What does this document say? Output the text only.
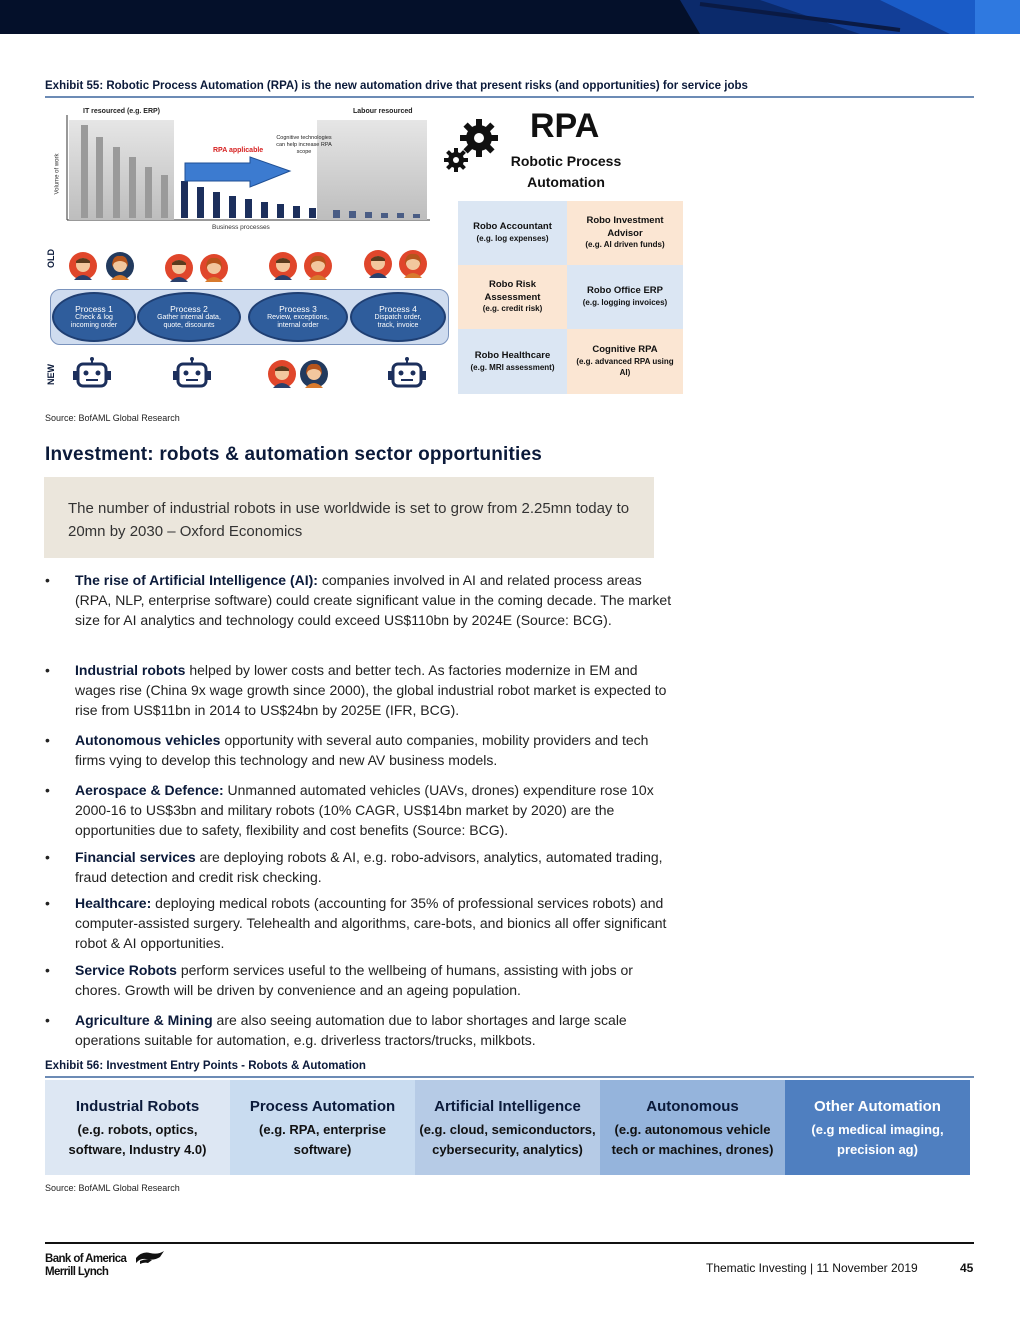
Exhibit 55: Robotic Process Automation (RPA) is the new automation drive that present risks (and opportunities) for service jobs
IT resourced (e.g. ERP)	Labour resourced
RPA applicable
Cognitive technologies can help increase RPA scope
Volume of work
Business processes
OLD
Process 1
Check & log incoming order
Process 2
Gather internal data, quote, discounts
Process 3
Review, exceptions, internal order
Process 4
Dispatch order, track, invoice
NEW
RPA
Robotic Process
Automation
Robo Accountant
(e.g. log expenses)
Robo Investment Advisor
(e.g. AI driven funds)
Robo Risk Assessment
(e.g. credit risk)
Robo Office ERP
(e.g. logging invoices)
Robo Healthcare
(e.g. MRI assessment)
Cognitive RPA
(e.g. advanced RPA using AI)
Source: BofAML Global Research
Investment: robots & automation sector opportunities
The number of industrial robots in use worldwide is set to grow from 2.25mn today to 20mn by 2030 – Oxford Economics
• The rise of Artificial Intelligence (AI): companies involved in AI and related process areas (RPA, NLP, enterprise software) could create significant value in the coming decade. The market size for AI analytics and technology could exceed US$110bn by 2024E (Source: BCG).
• Industrial robots helped by lower costs and better tech. As factories modernize in EM and wages rise (China 9x wage growth since 2000), the global industrial robot market is expected to rise from US$11bn in 2014 to US$24bn by 2025E (IFR, BCG).
• Autonomous vehicles opportunity with several auto companies, mobility providers and tech firms vying to develop this technology and new AV business models.
• Aerospace & Defence: Unmanned automated vehicles (UAVs, drones) expenditure rose 10x 2000-16 to US$3bn and military robots (10% CAGR, US$14bn market by 2020) are the opportunities due to safety, flexibility and cost benefits (Source: BCG).
• Financial services are deploying robots & AI, e.g. robo-advisors, analytics, automated trading, fraud detection and credit risk checking.
• Healthcare: deploying medical robots (accounting for 35% of professional services robots) and computer-assisted surgery. Telehealth and algorithms, care-bots, and bionics all offer significant robot & AI opportunities.
• Service Robots perform services useful to the wellbeing of humans, assisting with jobs or chores. Growth will be driven by convenience and an ageing population.
• Agriculture & Mining are also seeing automation due to labor shortages and large scale operations suitable for automation, e.g. driverless tractors/trucks, milkbots.
Exhibit 56: Investment Entry Points - Robots & Automation
Industrial Robots
(e.g. robots, optics,
software, Industry 4.0)
Process Automation
(e.g. RPA, enterprise
software)
Artificial Intelligence
(e.g. cloud, semiconductors,
cybersecurity, analytics)
Autonomous
(e.g. autonomous vehicle
tech or machines, drones)
Other Automation
(e.g medical imaging,
precision ag)
Source: BofAML Global Research
Bank of America
Merrill Lynch	Thematic Investing | 11 November 2019	45
